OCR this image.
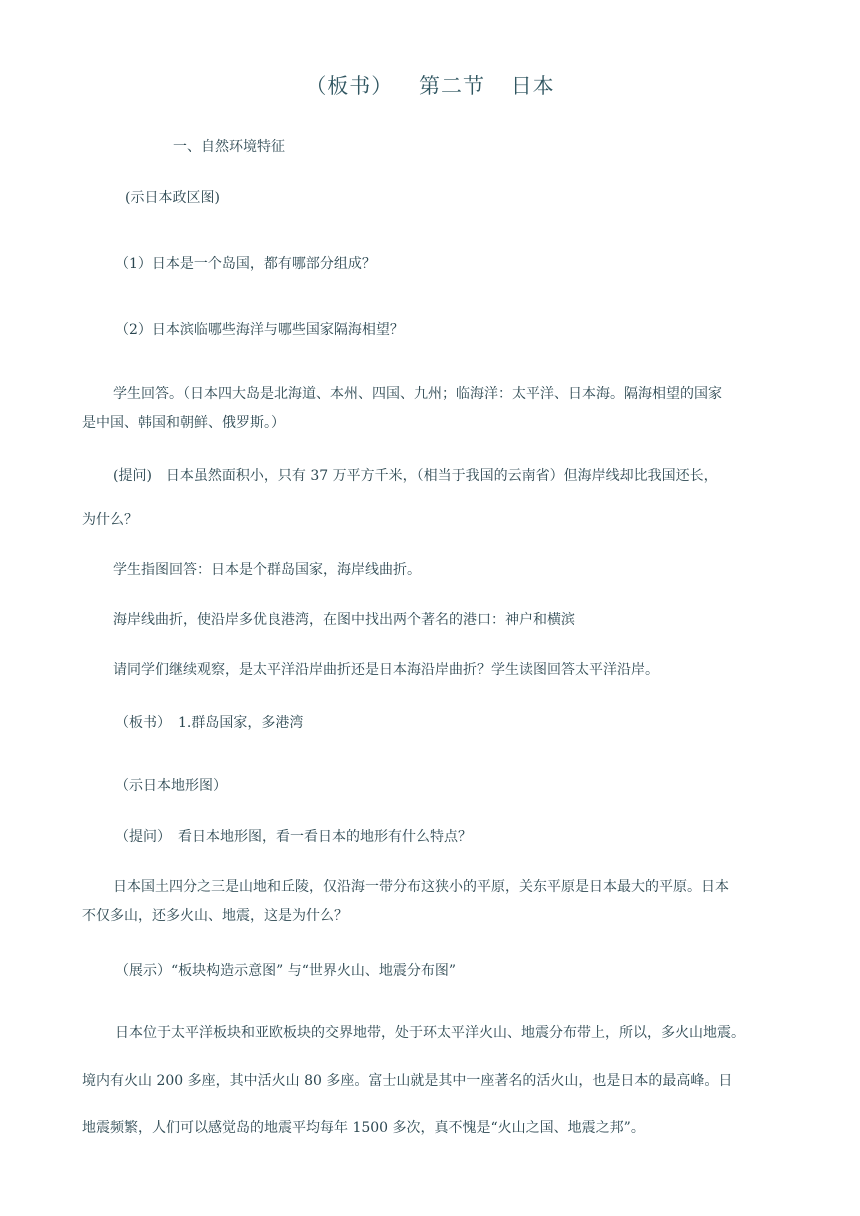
（板书） 第二节 日本
一、自然环境特征
(示日本政区图)
（1）日本是一个岛国，都有哪部分组成？
（2）日本滨临哪些海洋与哪些国家隔海相望？
学生回答。（日本四大岛是北海道、本州、四国、九州；临海洋：太平洋、日本海。隔海相望的国家
是中国、韩国和朝鲜、俄罗斯。）
(提问)　日本虽然面积小，只有 37 万平方千米，（相当于我国的云南省）但海岸线却比我国还长，
为什么？
学生指图回答：日本是个群岛国家，海岸线曲折。
海岸线曲折，使沿岸多优良港湾，在图中找出两个著名的港口：神户和横滨
请同学们继续观察，是太平洋沿岸曲折还是日本海沿岸曲折？学生读图回答太平洋沿岸。
（板书）　1.群岛国家，多港湾
（示日本地形图）
（提问）　看日本地形图，看一看日本的地形有什么特点？
日本国土四分之三是山地和丘陵，仅沿海一带分布这狭小的平原，关东平原是日本最大的平原。日本
不仅多山，还多火山、地震，这是为什么？
（展示）“板块构造示意图” 与“世界火山、地震分布图”
日本位于太平洋板块和亚欧板块的交界地带，处于环太平洋火山、地震分布带上，所以，多火山地震。
境内有火山 200 多座，其中活火山 80 多座。富士山就是其中一座著名的活火山，也是日本的最高峰。日
地震频繁，人们可以感觉岛的地震平均每年 1500 多次，真不愧是“火山之国、地震之邦”。
